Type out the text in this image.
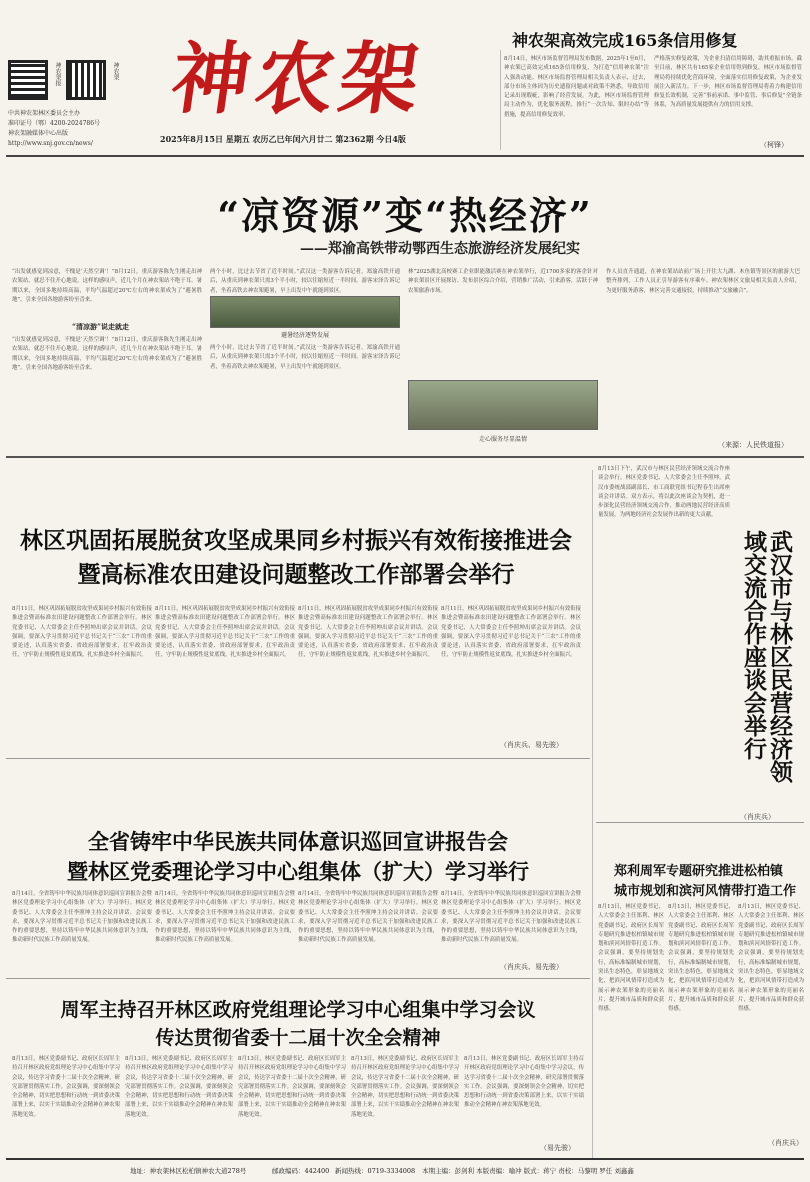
神农架报	神农架
中共神农架林区委员会主办
准印证号（鄂）4200-2024786号
神农架融媒体中心出版
http://www.snj.gov.cn/news/
神农架
2025年8月15日 星期五 农历乙巳年闰六月廿二 第2362期 今日4版
神农架高效完成165条信用修复
8月14日，林区市场监督管理局发布数据，2025年1至6月，神农架已高效完成165条信用修复，为打造“信用神农架”注入强劲动能。林区市场监督管理局相关负责人表示，过去，部分市场主体因为历史遗留问题或对政策不熟悉，导致信用记录出现瑕疵，影响了经营发展。为此，林区市场监督管理局主动作为，优化服务流程，推行“一次告知、限时办结”等措施，提高信用修复效率。
严格落实修复政策，为企业扫清信用障碍，助其重振市场。截至目前，林区共有165家企业信用得到修复。林区市场监督管理局将持续优化营商环境，全面落实信用修复政策，为企业发展注入新活力。下一步，林区市场监督管理局将着力构建信用修复长效机制，完善“事前承诺、事中监管、事后修复”全链条体系，为高质量发展提供有力的信用支撑。
（柯锋）
“凉资源”变“热经济”
——郑渝高铁带动鄂西生态旅游经济发展纪实
“出发就感觉到凉意，不愧是‘天然空调’！”8月12日，重庆游客陈先生刚走出神农架站，就忍不住开心地说。这样的感叹声，近几个月在神农架站不绝于耳。暑期以来，全国多地持续高温，平均气温超过20℃左右的神农架成为了“避暑胜地”，引来全国各地游客纷至沓来。
“清凉游”说走就走
“出发就感觉到凉意，不愧是‘天然空调’！”8月12日，重庆游客陈先生刚走出神农架站，就忍不住开心地说。这样的感叹声，近几个月在神农架站不绝于耳。暑期以来，全国多地持续高温，平均气温超过20℃左右的神农架成为了“避暑胜地”，引来全国各地游客纷至沓来。
两个小时，比过去节省了近半时间。”武汉这一类游客告诉记者，郑渝高铁开通后，从重庆到神农架只需3个半小时，较以往缩短近一半时间。游客宋泽告诉记者，坐着高铁去神农架避暑，早上出发中午就能到景区。
避暑经济逐势发展
两个小时，比过去节省了近半时间。”武汉这一类游客告诉记者，郑渝高铁开通后，从重庆到神农架只需3个半小时，较以往缩短近一半时间。游客宋泽告诉记者，坐着高铁去神农架避暑，早上出发中午就能到景区。
林”2025湖北高校赛工企业职能激活赛在神农架举行，近1700多家的客企针对神农架景区开展探访、发布景区综合介绍，营销推广活动，引来游客，活跃于神农架旅游市场。
走心服务尽显温情
作人员直升通道，在神农架站站前广场上开往大九湖、木鱼镇等景区的旅游大巴整齐排列，工作人员正引导游客有序乘车。神农架林区文旅局相关负责人介绍，为更好服务游客，林区完善交通接驳，持续推动“交旅融合”。
（来源：人民铁道报）
林区巩固拓展脱贫攻坚成果同乡村振兴有效衔接推进会
暨高标准农田建设问题整改工作部署会举行
8月11日，林区巩固拓展脱贫攻坚成果同乡村振兴有效衔接推进会暨高标准农田建设问题整改工作部署会举行。林区党委书记、人大常委会主任李照坤出席会议并讲话。会议强调，要深入学习贯彻习近平总书记关于“三农”工作的重要论述，认真落实省委、省政府部署要求，扛牢政治责任，守牢防止规模性返贫底线，扎实推进乡村全面振兴。
8月11日，林区巩固拓展脱贫攻坚成果同乡村振兴有效衔接推进会暨高标准农田建设问题整改工作部署会举行。林区党委书记、人大常委会主任李照坤出席会议并讲话。会议强调，要深入学习贯彻习近平总书记关于“三农”工作的重要论述，认真落实省委、省政府部署要求，扛牢政治责任，守牢防止规模性返贫底线，扎实推进乡村全面振兴。
8月11日，林区巩固拓展脱贫攻坚成果同乡村振兴有效衔接推进会暨高标准农田建设问题整改工作部署会举行。林区党委书记、人大常委会主任李照坤出席会议并讲话。会议强调，要深入学习贯彻习近平总书记关于“三农”工作的重要论述，认真落实省委、省政府部署要求，扛牢政治责任，守牢防止规模性返贫底线，扎实推进乡村全面振兴。
8月11日，林区巩固拓展脱贫攻坚成果同乡村振兴有效衔接推进会暨高标准农田建设问题整改工作部署会举行。林区党委书记、人大常委会主任李照坤出席会议并讲话。会议强调，要深入学习贯彻习近平总书记关于“三农”工作的重要论述，认真落实省委、省政府部署要求，扛牢政治责任，守牢防止规模性返贫底线，扎实推进乡村全面振兴。
（肖庆兵、易先骏）	武汉市与林区民营经济领域交流合作座谈会举行
8月13日下午，武汉市与林区民营经济领域交流合作座谈会举行。林区党委书记、人大常委会主任李照坤，武汉市委统战部副部长、市工商联党组书记程春生出席座谈会并讲话。双方表示，将以此次座谈会为契机，进一步深化民营经济领域交流合作，推动两地民营经济高质量发展，为两地经济社会发展作出新的更大贡献。
（肖庆兵）
全省铸牢中华民族共同体意识巡回宣讲报告会
暨林区党委理论学习中心组集体（扩大）学习举行
8月14日，全省铸牢中华民族共同体意识巡回宣讲报告会暨林区党委理论学习中心组集体（扩大）学习举行。林区党委书记、人大常委会主任李照坤主持会议并讲话。会议要求，要深入学习贯彻习近平总书记关于加强和改进民族工作的重要思想，坚持以铸牢中华民族共同体意识为主线，推动新时代民族工作高质量发展。
8月14日，全省铸牢中华民族共同体意识巡回宣讲报告会暨林区党委理论学习中心组集体（扩大）学习举行。林区党委书记、人大常委会主任李照坤主持会议并讲话。会议要求，要深入学习贯彻习近平总书记关于加强和改进民族工作的重要思想，坚持以铸牢中华民族共同体意识为主线，推动新时代民族工作高质量发展。
8月14日，全省铸牢中华民族共同体意识巡回宣讲报告会暨林区党委理论学习中心组集体（扩大）学习举行。林区党委书记、人大常委会主任李照坤主持会议并讲话。会议要求，要深入学习贯彻习近平总书记关于加强和改进民族工作的重要思想，坚持以铸牢中华民族共同体意识为主线，推动新时代民族工作高质量发展。
8月14日，全省铸牢中华民族共同体意识巡回宣讲报告会暨林区党委理论学习中心组集体（扩大）学习举行。林区党委书记、人大常委会主任李照坤主持会议并讲话。会议要求，要深入学习贯彻习近平总书记关于加强和改进民族工作的重要思想，坚持以铸牢中华民族共同体意识为主线，推动新时代民族工作高质量发展。
（肖庆兵、易先骏）
郑利周军专题研究推进松柏镇
城市规划和滨河风情带打造工作
8月13日，林区党委书记、人大常委会主任郑利、林区党委副书记、政府区长周军专题研究推进松柏镇城市规划和滨河风情带打造工作。会议强调，要坚持规划先行，高标准编制城市规划，突出生态特色，彰显地域文化，把滨河风情带打造成为展示神农架形象的亮丽名片，提升城市品质和群众获得感。
8月13日，林区党委书记、人大常委会主任郑利、林区党委副书记、政府区长周军专题研究推进松柏镇城市规划和滨河风情带打造工作。会议强调，要坚持规划先行，高标准编制城市规划，突出生态特色，彰显地域文化，把滨河风情带打造成为展示神农架形象的亮丽名片，提升城市品质和群众获得感。
8月13日，林区党委书记、人大常委会主任郑利、林区党委副书记、政府区长周军专题研究推进松柏镇城市规划和滨河风情带打造工作。会议强调，要坚持规划先行，高标准编制城市规划，突出生态特色，彰显地域文化，把滨河风情带打造成为展示神农架形象的亮丽名片，提升城市品质和群众获得感。
（肖庆兵）
周军主持召开林区政府党组理论学习中心组集中学习会议
传达贯彻省委十二届十次全会精神
8月13日，林区党委副书记、政府区长周军主持召开林区政府党组理论学习中心组集中学习会议，传达学习省委十二届十次全会精神，研究部署贯彻落实工作。会议强调，要深刻领会全会精神，切实把思想和行动统一到省委决策部署上来，以实干实绩推动全会精神在神农架落地见效。
8月13日，林区党委副书记、政府区长周军主持召开林区政府党组理论学习中心组集中学习会议，传达学习省委十二届十次全会精神，研究部署贯彻落实工作。会议强调，要深刻领会全会精神，切实把思想和行动统一到省委决策部署上来，以实干实绩推动全会精神在神农架落地见效。
8月13日，林区党委副书记、政府区长周军主持召开林区政府党组理论学习中心组集中学习会议，传达学习省委十二届十次全会精神，研究部署贯彻落实工作。会议强调，要深刻领会全会精神，切实把思想和行动统一到省委决策部署上来，以实干实绩推动全会精神在神农架落地见效。
8月13日，林区党委副书记、政府区长周军主持召开林区政府党组理论学习中心组集中学习会议，传达学习省委十二届十次全会精神，研究部署贯彻落实工作。会议强调，要深刻领会全会精神，切实把思想和行动统一到省委决策部署上来，以实干实绩推动全会精神在神农架落地见效。
8月13日，林区党委副书记、政府区长周军主持召开林区政府党组理论学习中心组集中学习会议，传达学习省委十二届十次全会精神，研究部署贯彻落实工作。会议强调，要深刻领会全会精神，切实把思想和行动统一到省委决策部署上来，以实干实绩推动全会精神在神农架落地见效。
（易先骏）
地址：神农架林区松柏镇神农大道278号	邮政编码：442400 新闻热线：0719-3334008 本期主编：彭剑利 本版责编：喻冲 版式：蒋宁 责校：马黎明 罗任 刘鑫鑫
